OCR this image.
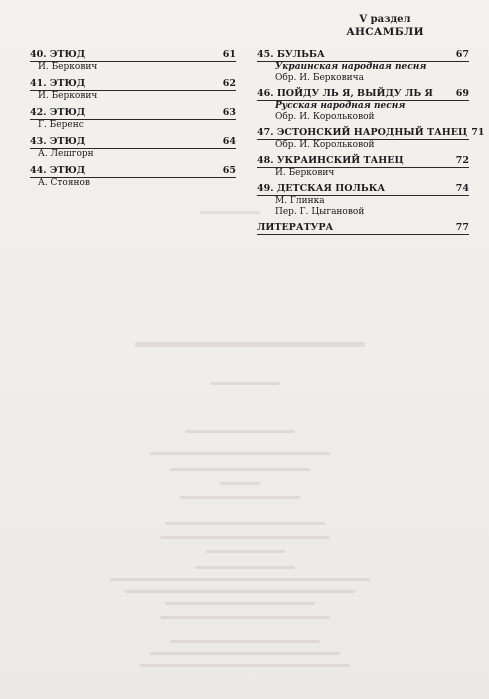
V раздел
АНСАМБЛИ
40. ЭТЮД	61
И. Беркович
41. ЭТЮД	62
И. Беркович
42. ЭТЮД	63
Г. Беренс
43. ЭТЮД	64
А. Лешгорн
44. ЭТЮД	65
А. Стоянов
45. БУЛЬБА	67
Украинская народная песня
Обр. И. Берковича
46. ПОЙДУ ЛЬ Я, ВЫЙДУ ЛЬ Я	69
Русская народная песня
Обр. И. Корольковой
47. ЭСТОНСКИЙ НАРОДНЫЙ ТАНЕЦ 71
Обр. И. Корольковой
48. УКРАИНСКИЙ ТАНЕЦ	72
И. Беркович
49. ДЕТСКАЯ ПОЛЬКА	74
М. Глинка
Пер. Г. Цыгановой
ЛИТЕРАТУРА	77
